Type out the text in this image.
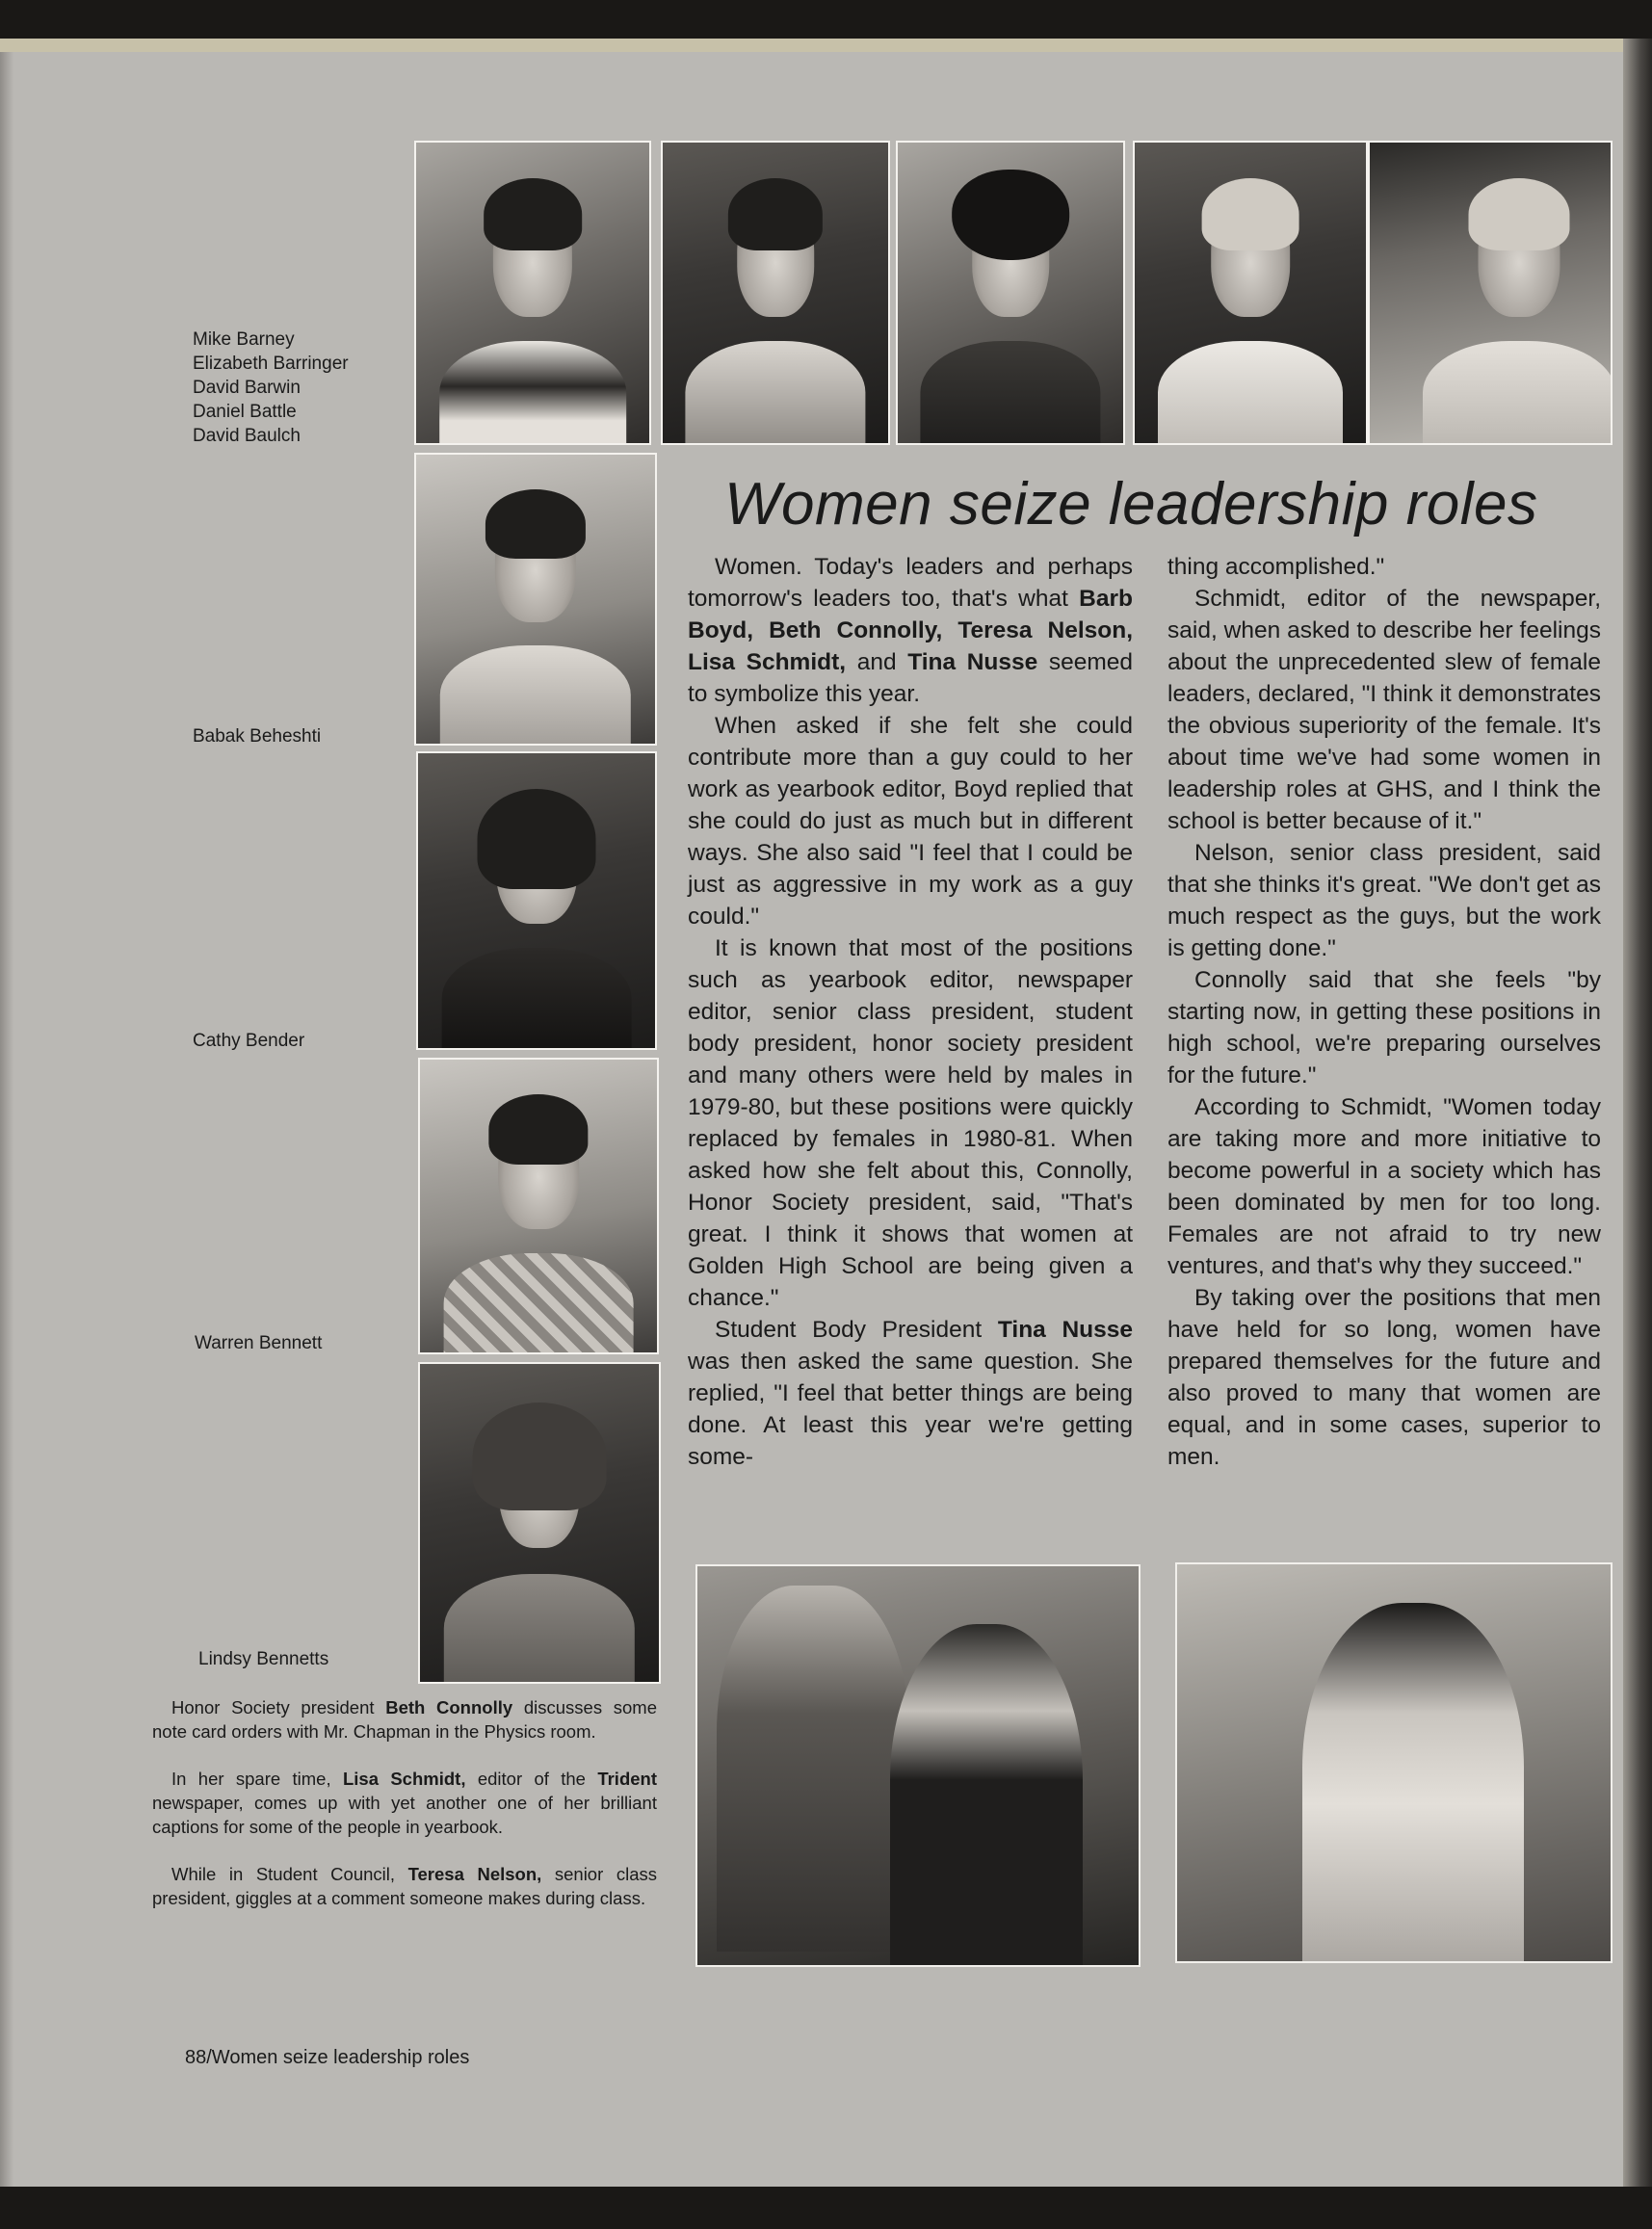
Mike Barney
Elizabeth Barringer
David Barwin
Daniel Battle
David Baulch
Babak Beheshti
Cathy Bender
Warren Bennett
Lindsy Bennetts
Women seize leadership roles

Women. Today's leaders and perhaps tomorrow's leaders too, that's what Barb Boyd, Beth Connolly, Teresa Nelson, Lisa Schmidt, and Tina Nusse seemed to symbolize this year.

When asked if she felt she could contribute more than a guy could to her work as yearbook editor, Boyd replied that she could do just as much but in different ways. She also said "I feel that I could be just as aggressive in my work as a guy could."

It is known that most of the positions such as yearbook editor, newspaper editor, senior class president, student body president, honor society president and many others were held by males in 1979-80, but these positions were quickly replaced by females in 1980-81. When asked how she felt about this, Connolly, Honor Society president, said, "That's great. I think it shows that women at Golden High School are being given a chance."

Student Body President Tina Nusse was then asked the same question. She replied, "I feel that better things are being done. At least this year we're getting some-

thing accomplished."

Schmidt, editor of the newspaper, said, when asked to describe her feelings about the unprecedented slew of female leaders, declared, "I think it demonstrates the obvious superiority of the female. It's about time we've had some women in leadership roles at GHS, and I think the school is better because of it."

Nelson, senior class president, said that she thinks it's great. "We don't get as much respect as the guys, but the work is getting done."

Connolly said that she feels "by starting now, in getting these positions in high school, we're preparing ourselves for the future."

According to Schmidt, "Women today are taking more and more initiative to become powerful in a society which has been dominated by men for too long. Females are not afraid to try new ventures, and that's why they succeed."

By taking over the positions that men have held for so long, women have prepared themselves for the future and also proved to many that women are equal, and in some cases, superior to men.

Honor Society president Beth Connolly discusses some note card orders with Mr. Chapman in the Physics room.

In her spare time, Lisa Schmidt, editor of the Trident newspaper, comes up with yet another one of her brilliant captions for some of the people in yearbook.

While in Student Council, Teresa Nelson, senior class president, giggles at a comment someone makes during class.

88/Women seize leadership roles
